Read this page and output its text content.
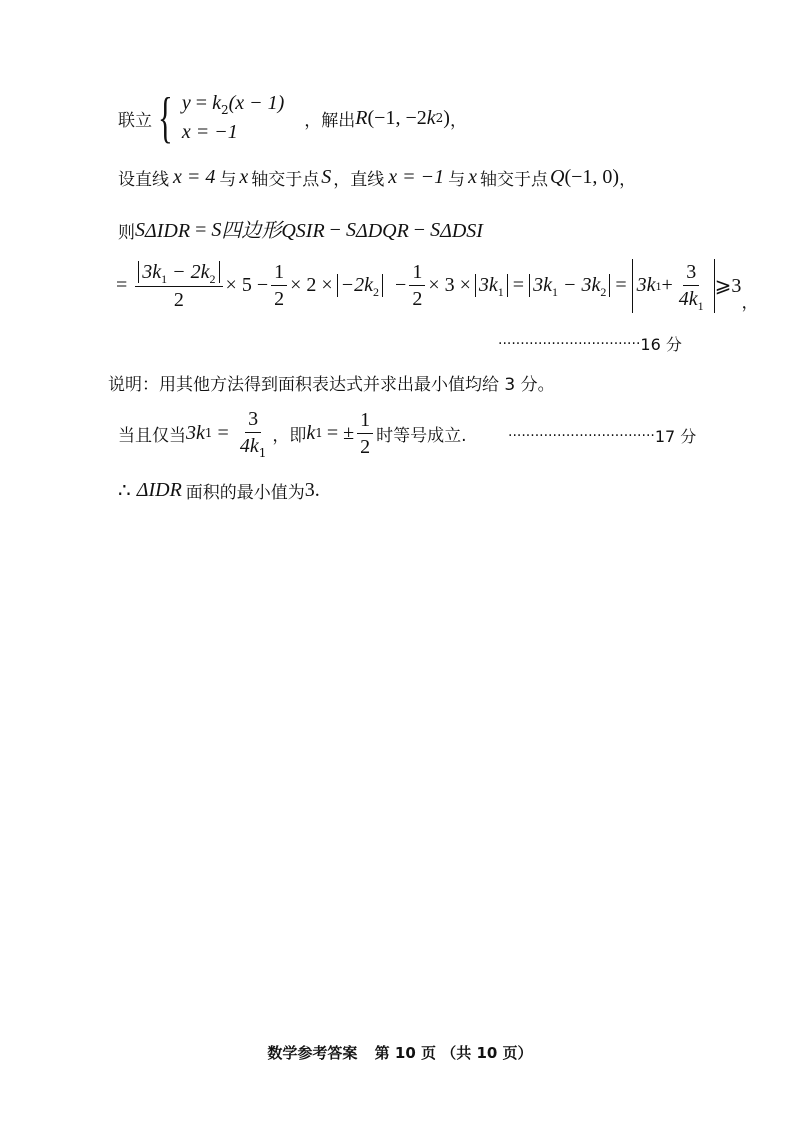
联立 { $y = k_2(x - 1)$
x = −1
，解出 R (−1, −2 k 2 ) ，
设直线 x = 4 与 x 轴交于点 S ，直线 x = −1 与 x 轴交于点 Q (−1, 0) ，
则 S ΔIDR = S 四边形QSIR − S ΔDQR − S ΔDSI
= $\frac{3k_1 - 2k_2}{2} \times 5 - \frac{1}{2} \times 2 \times -2k_2 - \frac{1}{2} \times 3 \times 3k_1 = 3k_1 - 3k_2 = 3k$ $1 + \frac{3}{4k_1}$ ⩾3
，
································ 16 分
说明：用其他方法得到面积表达式并求出最小值均给 3 分。
当且仅当 3k $1 = \frac{3}{4k_1}$ ，即 k 1 = ± $\frac{1}{2}$ 时等号成立.	································· 17 分
∴ ΔIDR 面积的最小值为 3.
数学参考答案 第 10 页 （共 10 页）
